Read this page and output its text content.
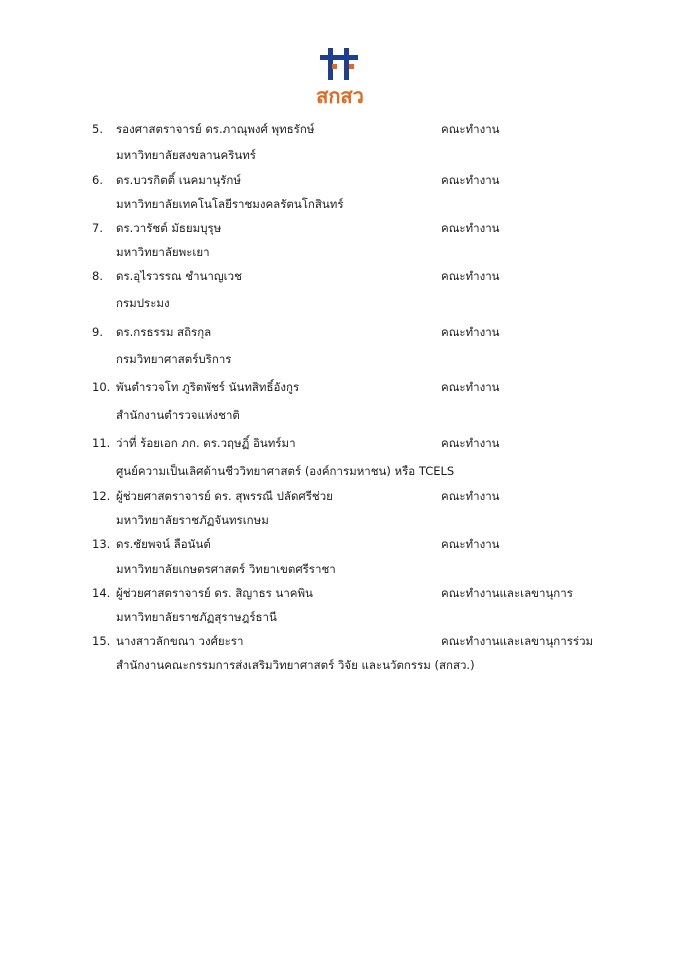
สกสว
5. รองศาสตราจารย์ ดร.ภาณุพงศ์ พุทธรักษ์	คณะทำงาน
มหาวิทยาลัยสงขลานครินทร์
6. ดร.บวรกิตติ์ เนคมานุรักษ์	คณะทำงาน
มหาวิทยาลัยเทคโนโลยีราชมงคลรัตนโกสินทร์
7. ดร.วารัชต์ มัธยมบุรุษ	คณะทำงาน
มหาวิทยาลัยพะเยา
8. ดร.อุไรวรรณ ชำนาญเวช	คณะทำงาน
กรมประมง
9. ดร.กรธรรม สถิรกุล	คณะทำงาน
กรมวิทยาศาสตร์บริการ
10. พันตำรวจโท ภูริตพัชร์ นันทสิทธิ์อังกูร	คณะทำงาน
สำนักงานตำรวจแห่งชาติ
11. ว่าที่ ร้อยเอก ภก. ดร.วฤษฏิ์ อินทร์มา	คณะทำงาน
ศูนย์ความเป็นเลิศด้านชีววิทยาศาสตร์ (องค์การมหาชน) หรือ TCELS
12. ผู้ช่วยศาสตราจารย์ ดร. สุพรรณี ปลัดศรีช่วย	คณะทำงาน
มหาวิทยาลัยราชภัฏจันทรเกษม
13. ดร.ชัยพจน์ ลือนันต์	คณะทำงาน
มหาวิทยาลัยเกษตรศาสตร์ วิทยาเขตศรีราชา
14. ผู้ช่วยศาสตราจารย์ ดร. สิญาธร นาคพิน	คณะทำงานและเลขานุการ
มหาวิทยาลัยราชภัฏสุราษฎร์ธานี
15. นางสาวลักขณา วงศ์ยะรา	คณะทำงานและเลขานุการร่วม
สำนักงานคณะกรรมการส่งเสริมวิทยาศาสตร์ วิจัย และนวัตกรรม (สกสว.)
